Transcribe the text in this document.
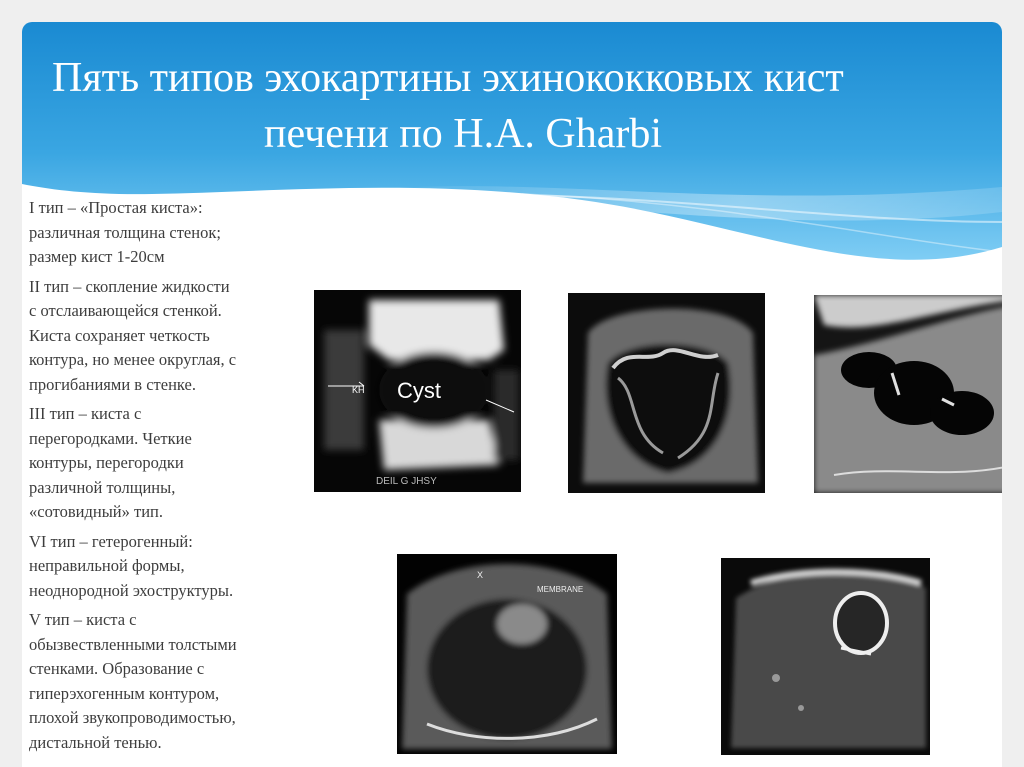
Пять типов эхокартины эхинококковых кист
печени по H.A. Gharbi

I тип – «Простая киста»:
различная толщина стенок;
размер кист 1-20см

II тип – скопление жидкости
с отслаивающейся стенкой.
Киста сохраняет четкость
контура, но менее округлая, с
прогибаниями в стенке.

III тип – киста с
перегородками. Четкие
контуры, перегородки
различной толщины,
«сотовидный» тип.

VI тип – гетерогенный:
неправильной формы,
неоднородной эхоструктуры.

V тип – киста с
обызвествленными толстыми
стенками. Образование с
гиперэхогенным контуром,
плохой звукопроводимостью,
дистальной тенью.

Cyst
KH
DEIL G JHSY
X
MEMBRANE
